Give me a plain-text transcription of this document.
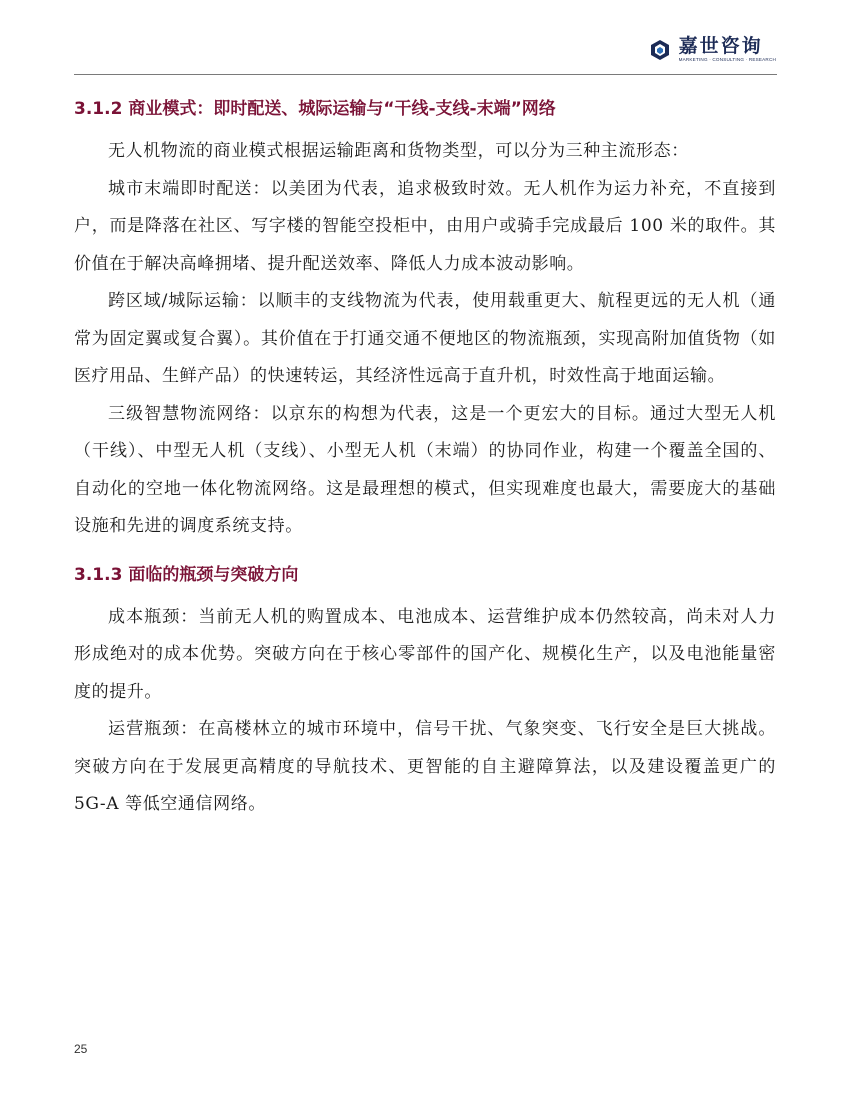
嘉世咨询
MARKETING · CONSULTING · RESEARCH
3.1.2 商业模式：即时配送、城际运输与“干线-支线-末端”网络

无人机物流的商业模式根据运输距离和货物类型，可以分为三种主流形态：

城市末端即时配送：以美团为代表，追求极致时效。无人机作为运力补充，不直接到户，而是降落在社区、写字楼的智能空投柜中，由用户或骑手完成最后 100 米的取件。其价值在于解决高峰拥堵、提升配送效率、降低人力成本波动影响。

跨区域/城际运输：以顺丰的支线物流为代表，使用载重更大、航程更远的无人机（通常为固定翼或复合翼）。其价值在于打通交通不便地区的物流瓶颈，实现高附加值货物（如医疗用品、生鲜产品）的快速转运，其经济性远高于直升机，时效性高于地面运输。

三级智慧物流网络：以京东的构想为代表，这是一个更宏大的目标。通过大型无人机（干线）、中型无人机（支线）、小型无人机（末端）的协同作业，构建一个覆盖全国的、自动化的空地一体化物流网络。这是最理想的模式，但实现难度也最大，需要庞大的基础设施和先进的调度系统支持。

3.1.3 面临的瓶颈与突破方向

成本瓶颈：当前无人机的购置成本、电池成本、运营维护成本仍然较高，尚未对人力形成绝对的成本优势。突破方向在于核心零部件的国产化、规模化生产，以及电池能量密度的提升。

运营瓶颈：在高楼林立的城市环境中，信号干扰、气象突变、飞行安全是巨大挑战。突破方向在于发展更高精度的导航技术、更智能的自主避障算法，以及建设覆盖更广的 5G-A 等低空通信网络。

25
